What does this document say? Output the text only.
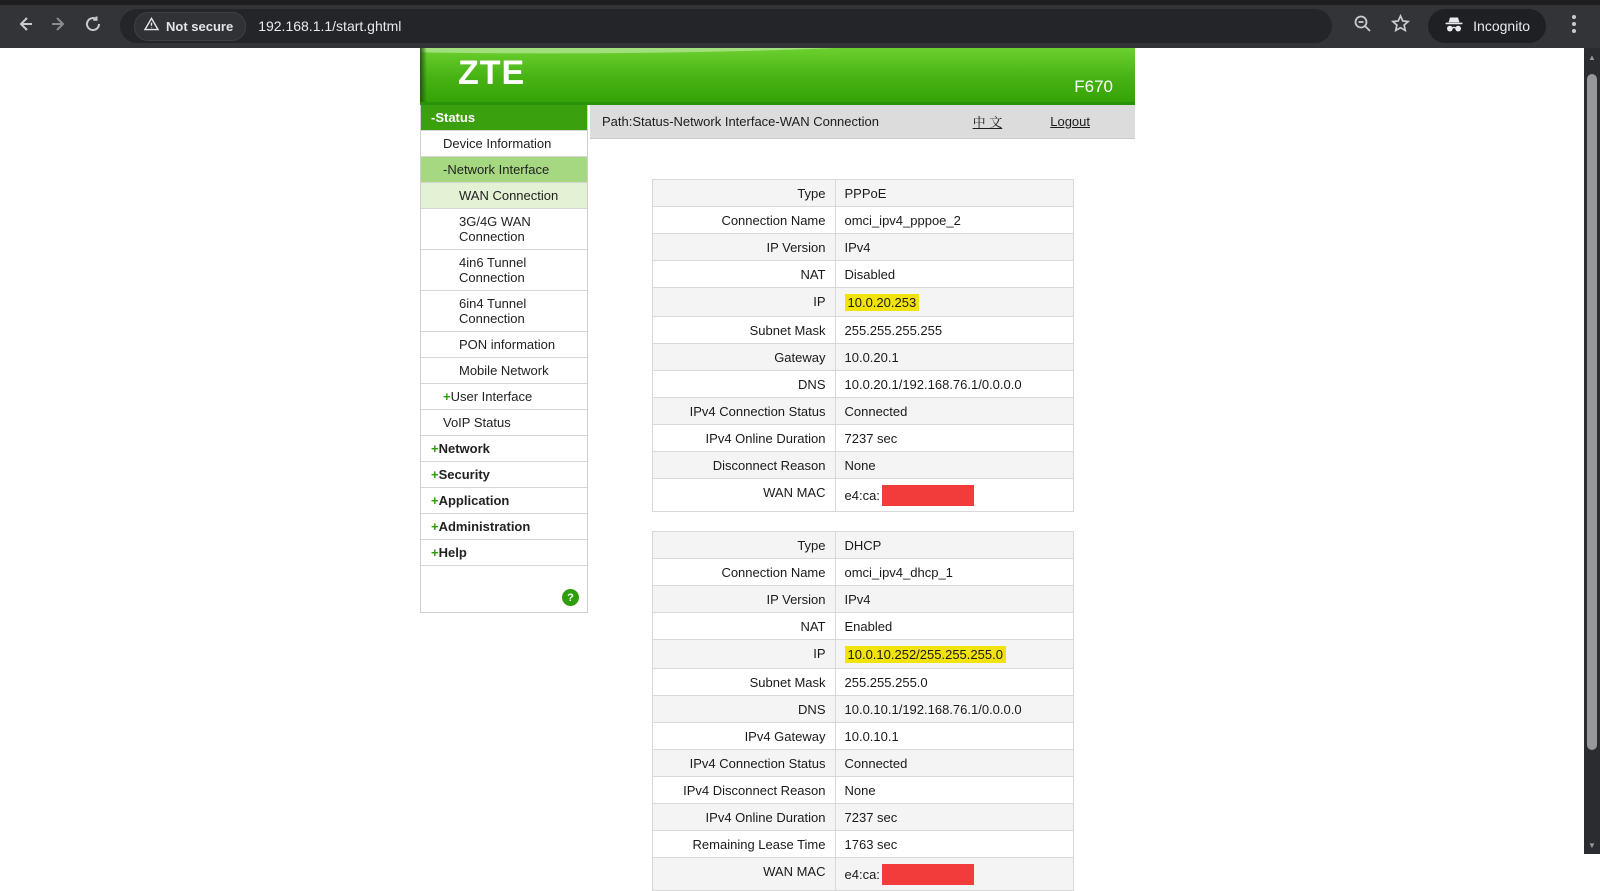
Not secure 192.168.1.1/start.ghtml	Incognito
ZTE	F670
-Status
Device Information
-Network Interface
WAN Connection
3G/4G WAN Connection
4in6 Tunnel Connection
6in4 Tunnel Connection
PON information
Mobile Network
+User Interface
VoIP Status
+Network
+Security
+Application
+Administration
+Help
?
Path:Status-Network Interface-WAN Connection	中 文	Logout
Type	PPPoE
Connection Name	omci_ipv4_pppoe_2
IP Version	IPv4
NAT	Disabled
IP	10.0.20.253
Subnet Mask	255.255.255.255
Gateway	10.0.20.1
DNS	10.0.20.1/192.168.76.1/0.0.0.0
IPv4 Connection Status	Connected
IPv4 Online Duration	7237 sec
Disconnect Reason	None
WAN MAC	e4:ca:
Type	DHCP
Connection Name	omci_ipv4_dhcp_1
IP Version	IPv4
NAT	Enabled
IP	10.0.10.252/255.255.255.0
Subnet Mask	255.255.255.0
DNS	10.0.10.1/192.168.76.1/0.0.0.0
IPv4 Gateway	10.0.10.1
IPv4 Connection Status	Connected
IPv4 Disconnect Reason	None
IPv4 Online Duration	7237 sec
Remaining Lease Time	1763 sec
WAN MAC	e4:ca:
▲
▼
